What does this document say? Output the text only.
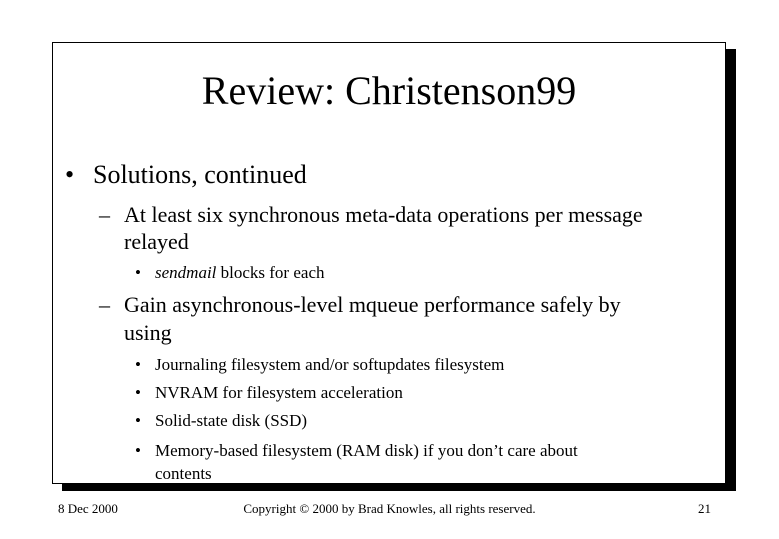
Review: Christenson99
• Solutions, continued
– At least six synchronous meta-data operations per message
relayed
• sendmail blocks for each
– Gain asynchronous-level mqueue performance safely by
using
• Journaling filesystem and/or softupdates filesystem
• NVRAM for filesystem acceleration
• Solid-state disk (SSD)
• Memory-based filesystem (RAM disk) if you don’t care about
contents
8 Dec 2000	Copyright © 2000 by Brad Knowles, all rights reserved.	21
